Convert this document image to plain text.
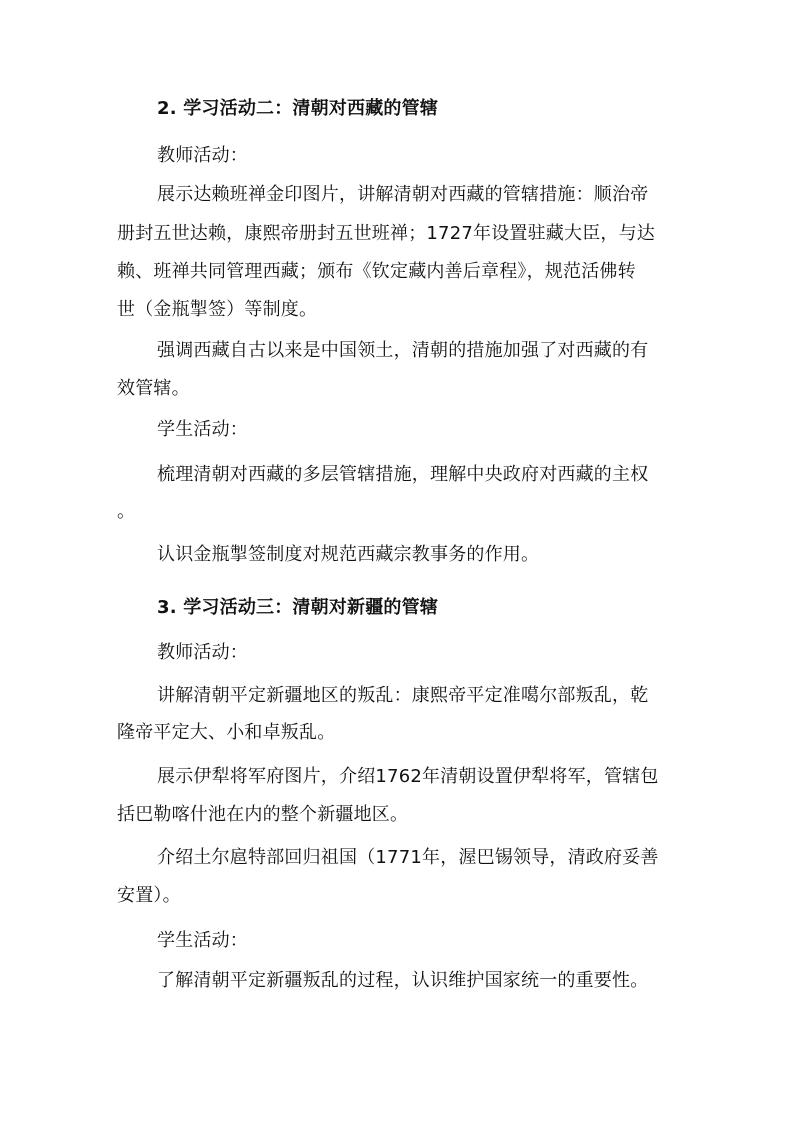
2. 学习活动二：清朝对西藏的管辖
教师活动：
展示达赖班禅金印图片，讲解清朝对西藏的管辖措施：顺治帝
册封五世达赖，康熙帝册封五世班禅；1727年设置驻藏大臣，与达
赖、班禅共同管理西藏；颁布《钦定藏内善后章程》，规范活佛转
世（金瓶掣签）等制度。
强调西藏自古以来是中国领土，清朝的措施加强了对西藏的有
效管辖。
学生活动：
梳理清朝对西藏的多层管辖措施，理解中央政府对西藏的主权
。
认识金瓶掣签制度对规范西藏宗教事务的作用。
3. 学习活动三：清朝对新疆的管辖
教师活动：
讲解清朝平定新疆地区的叛乱：康熙帝平定准噶尔部叛乱，乾
隆帝平定大、小和卓叛乱。
展示伊犁将军府图片，介绍1762年清朝设置伊犁将军，管辖包
括巴勒喀什池在内的整个新疆地区。
介绍土尔扈特部回归祖国（1771年，渥巴锡领导，清政府妥善
安置）。
学生活动：
了解清朝平定新疆叛乱的过程，认识维护国家统一的重要性。
